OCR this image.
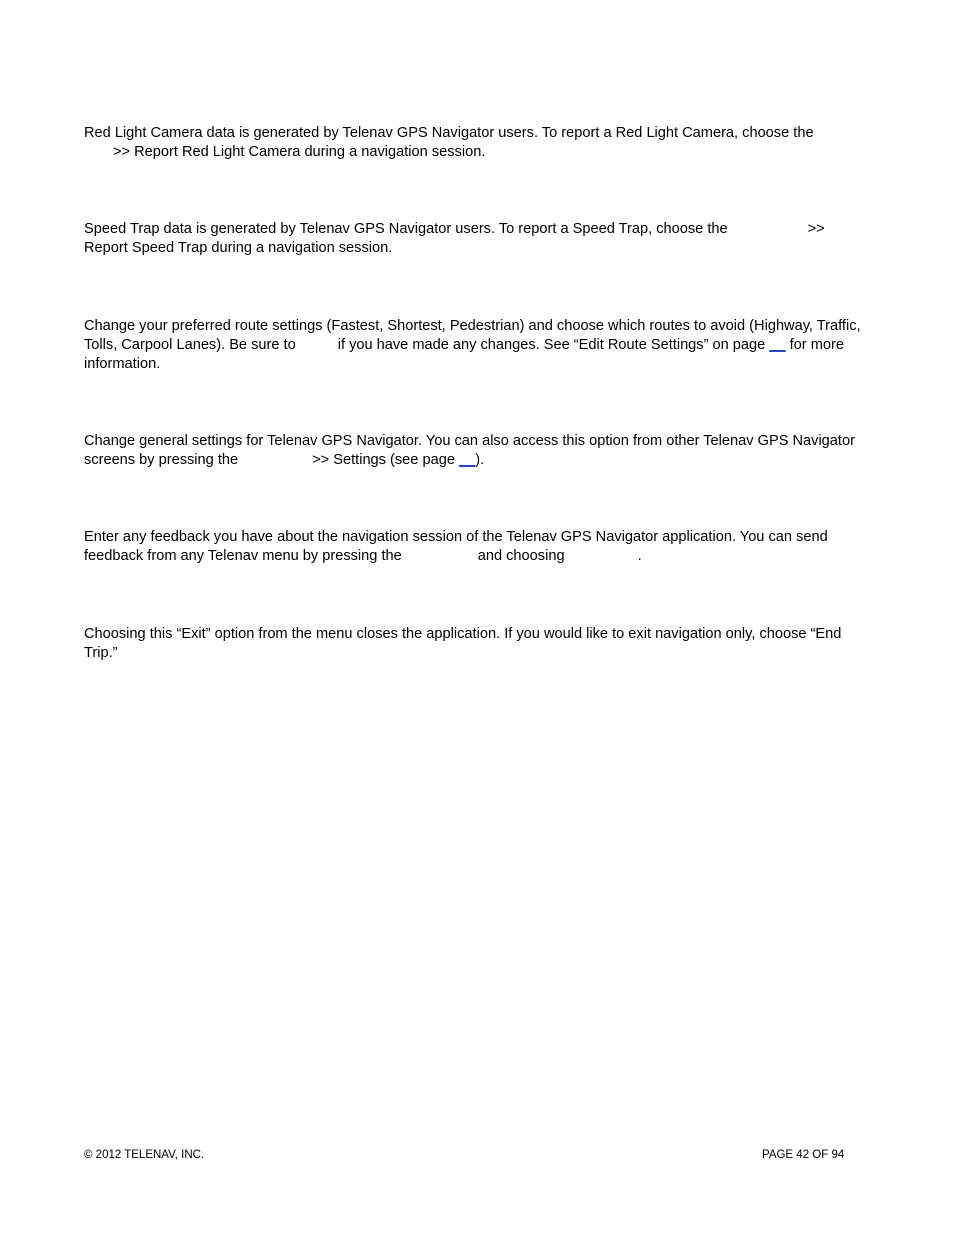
Red Light Camera data is generated by Telenav GPS Navigator users. To report a Red Light Camera, choose the
>> Report Red Light Camera during a navigation session.
Speed Trap data is generated by Telenav GPS Navigator users. To report a Speed Trap, choose the	>>
Report Speed Trap during a navigation session.
Change your preferred route settings (Fastest, Shortest, Pedestrian) and choose which routes to avoid (Highway, Traffic,
Tolls, Carpool Lanes). Be sure to	if you have made any changes. See “Edit Route Settings” on page __ for more
information.
Change general settings for Telenav GPS Navigator. You can also access this option from other Telenav GPS Navigator
screens by pressing the	>> Settings (see page __).
Enter any feedback you have about the navigation session of the Telenav GPS Navigator application. You can send
feedback from any Telenav menu by pressing the	and choosing	.
Choosing this “Exit” option from the menu closes the application. If you would like to exit navigation only, choose “End
Trip.”
© 2012 TELENAV, INC.	PAGE 42 OF 94
